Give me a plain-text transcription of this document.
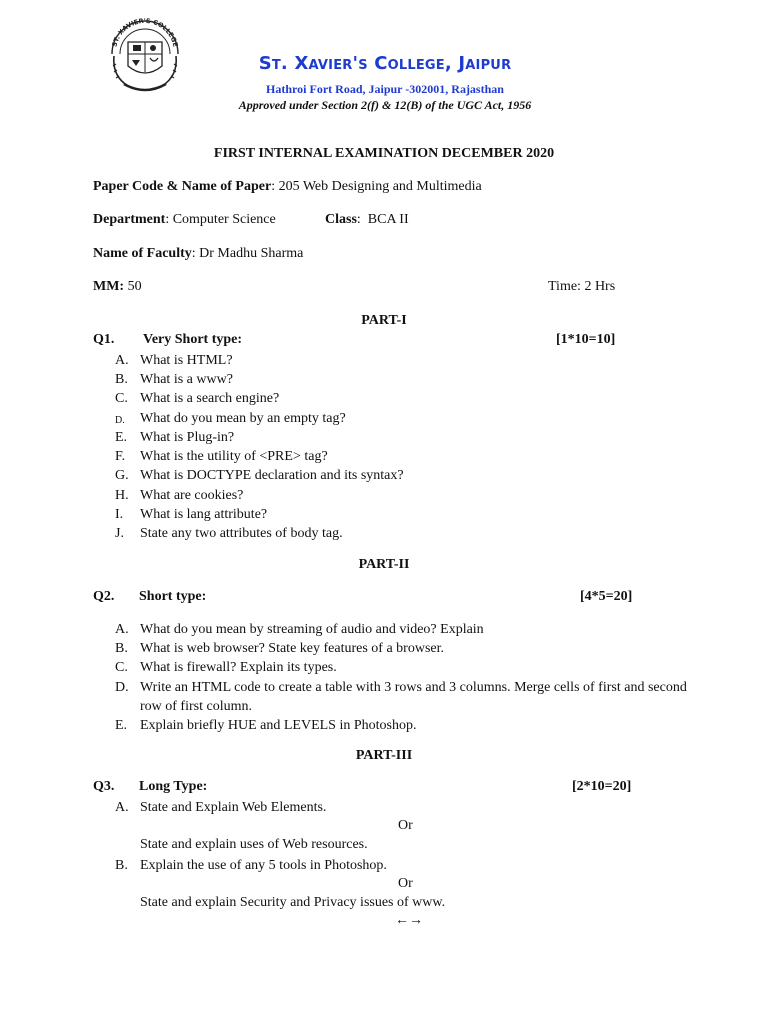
ST. XAVIER'S COLLEGE
St. Xavier's College, Jaipur
Hathroi Fort Road, Jaipur -302001, Rajasthan
Approved under Section 2(f) & 12(B) of the UGC Act, 1956
FIRST INTERNAL EXAMINATION DECEMBER 2020
Paper Code & Name of Paper: 205 Web Designing and Multimedia
Department: Computer Science	Class:  BCA II
Name of Faculty: Dr Madhu Sharma
MM: 50	Time: 2 Hrs
PART-I
Q1. Very Short type:	[1*10=10]
A. What is HTML?
B. What is a www?
C. What is a search engine?
D. What do you mean by an empty tag?
E. What is Plug-in?
F. What is the utility of <PRE> tag?
G. What is DOCTYPE declaration and its syntax?
H. What are cookies?
I. What is lang attribute?
J. State any two attributes of body tag.
PART-II
Q2. Short type:	[4*5=20]
A. What do you mean by streaming of audio and video? Explain
B. What is web browser? State key features of a browser.
C. What is firewall? Explain its types.
D. Write an HTML code to create a table with 3 rows and 3 columns. Merge cells of first and second row of first column.
E. Explain briefly HUE and LEVELS in Photoshop.
PART-III
Q3. Long Type:	[2*10=20]
A. State and Explain Web Elements.
Or
State and explain uses of Web resources.
B. Explain the use of any 5 tools in Photoshop.
Or
State and explain Security and Privacy issues of www.
←→
